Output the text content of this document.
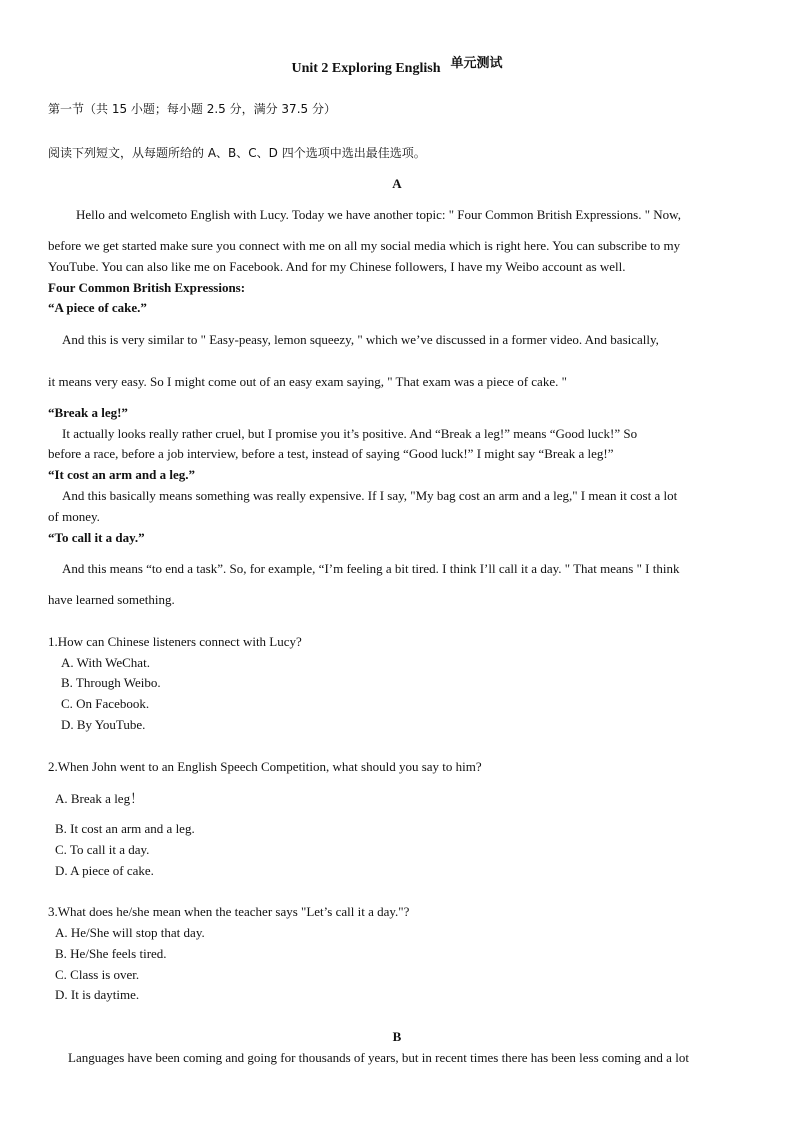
Unit 2 Exploring English 单元测试
第一节（共 15 小题；每小题 2.5 分，满分 37.5 分）
阅读下列短文，从每题所给的 A、B、C、D 四个选项中选出最佳选项。
A
Hello and welcometo English with Lucy. Today we have another topic: " Four Common British Expressions. " Now,
before we get started make sure you connect with me on all my social media which is right here. You can subscribe to my
YouTube. You can also like me on Facebook. And for my Chinese followers, I have my Weibo account as well.
Four Common British Expressions:
“A piece of cake.”
And this is very similar to " Easy-peasy, lemon squeezy, " which we’ve discussed in a former video. And basically,
it means very easy. So I might come out of an easy exam saying, " That exam was a piece of cake. "
“Break a leg!”
It actually looks really rather cruel, but I promise you it’s positive. And “Break a leg!” means “Good luck!” So
before a race, before a job interview, before a test, instead of saying “Good luck!” I might say “Break a leg!”
“It cost an arm and a leg.”
And this basically means something was really expensive. If I say, "My bag cost an arm and a leg," I mean it cost a lot
of money.
“To call it a day.”
And this means “to end a task”. So, for example, “I’m feeling a bit tired. I think I’ll call it a day. " That means " I think
have learned something.
1.How can Chinese listeners connect with Lucy?
A. With WeChat.
B. Through Weibo.
C. On Facebook.
D. By YouTube.
2.When John went to an English Speech Competition, what should you say to him?
A. Break a leg！
B. It cost an arm and a leg.
C. To call it a day.
D. A piece of cake.
3.What does he/she mean when the teacher says "Let’s call it a day."?
A. He/She will stop that day.
B. He/She feels tired.
C. Class is over.
D. It is daytime.
B
Languages have been coming and going for thousands of years, but in recent times there has been less coming and a lot
